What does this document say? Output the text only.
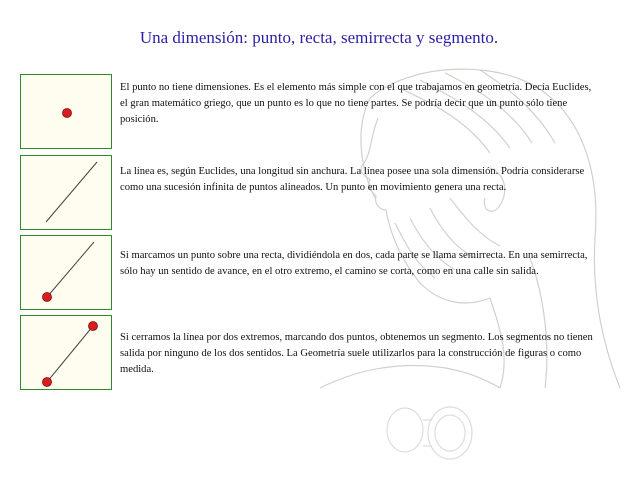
Una dimensión: punto, recta, semirrecta y segmento.
El punto no tiene dimensiones. Es el elemento más simple con el que trabajamos en geometría. Decía Euclides, el gran matemático griego, que un punto es lo que no tiene partes. Se podría decir que un punto sólo tiene posición.
La línea es, según Euclides, una longitud sin anchura. La línea posee una sola dimensión. Podría considerarse como una sucesión infinita de puntos alineados. Un punto en movimiento genera una recta.
Si marcamos un punto sobre una recta, dividiéndola en dos, cada parte se llama semirrecta. En una semirrecta, sólo hay un sentido de avance, en el otro extremo, el camino se corta, como en una calle sin salida.
Si cerramos la línea por dos extremos, marcando dos puntos, obtenemos un segmento. Los segmentos no tienen salida por ninguno de los dos sentidos. La Geometría suele utilizarlos para la construcción de figuras o como medida.
